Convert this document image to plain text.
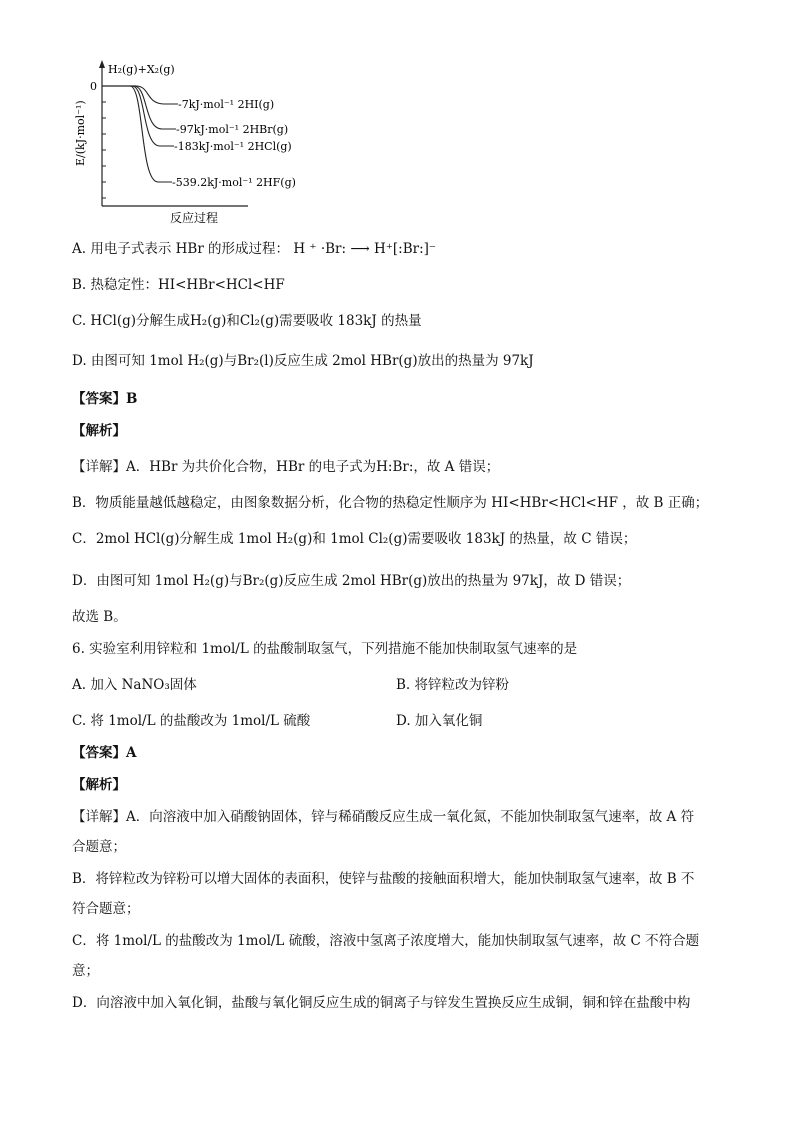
0
H₂(g)+X₂(g)
E/(kJ·mol⁻¹)
反应过程
-7kJ·mol⁻¹ 2HI(g)
-97kJ·mol⁻¹ 2HBr(g)
-183kJ·mol⁻¹ 2HCl(g)
-539.2kJ·mol⁻¹ 2HF(g)
A. 用电子式表示 HBr 的形成过程： H ⁺ ·Br: ⟶ H⁺[:Br:]⁻
B. 热稳定性：HI<HBr<HCl<HF
C. HCl(g)分解生成H₂(g)和Cl₂(g)需要吸收 183kJ 的热量
D. 由图可知 1mol H₂(g)与Br₂(l)反应生成 2mol HBr(g)放出的热量为 97kJ
【答案】B
【解析】
【详解】A．HBr 为共价化合物，HBr 的电子式为H:Br:，故 A 错误；
B．物质能量越低越稳定，由图象数据分析，化合物的热稳定性顺序为 HI<HBr<HCl<HF ，故 B 正确；
C．2mol HCl(g)分解生成 1mol H₂(g)和 1mol Cl₂(g)需要吸收 183kJ 的热量，故 C 错误；
D．由图可知 1mol H₂(g)与Br₂(g)反应生成 2mol HBr(g)放出的热量为 97kJ，故 D 错误；
故选 B。
6. 实验室利用锌粒和 1mol/L 的盐酸制取氢气，下列措施不能加快制取氢气速率的是
A. 加入 NaNO₃固体	B. 将锌粒改为锌粉
C. 将 1mol/L 的盐酸改为 1mol/L 硫酸	D. 加入氧化铜
【答案】A
【解析】
【详解】A．向溶液中加入硝酸钠固体，锌与稀硝酸反应生成一氧化氮，不能加快制取氢气速率，故 A 符
合题意；
B．将锌粒改为锌粉可以增大固体的表面积，使锌与盐酸的接触面积增大，能加快制取氢气速率，故 B 不
符合题意；
C．将 1mol/L 的盐酸改为 1mol/L 硫酸，溶液中氢离子浓度增大，能加快制取氢气速率，故 C 不符合题
意；
D．向溶液中加入氧化铜，盐酸与氧化铜反应生成的铜离子与锌发生置换反应生成铜，铜和锌在盐酸中构
